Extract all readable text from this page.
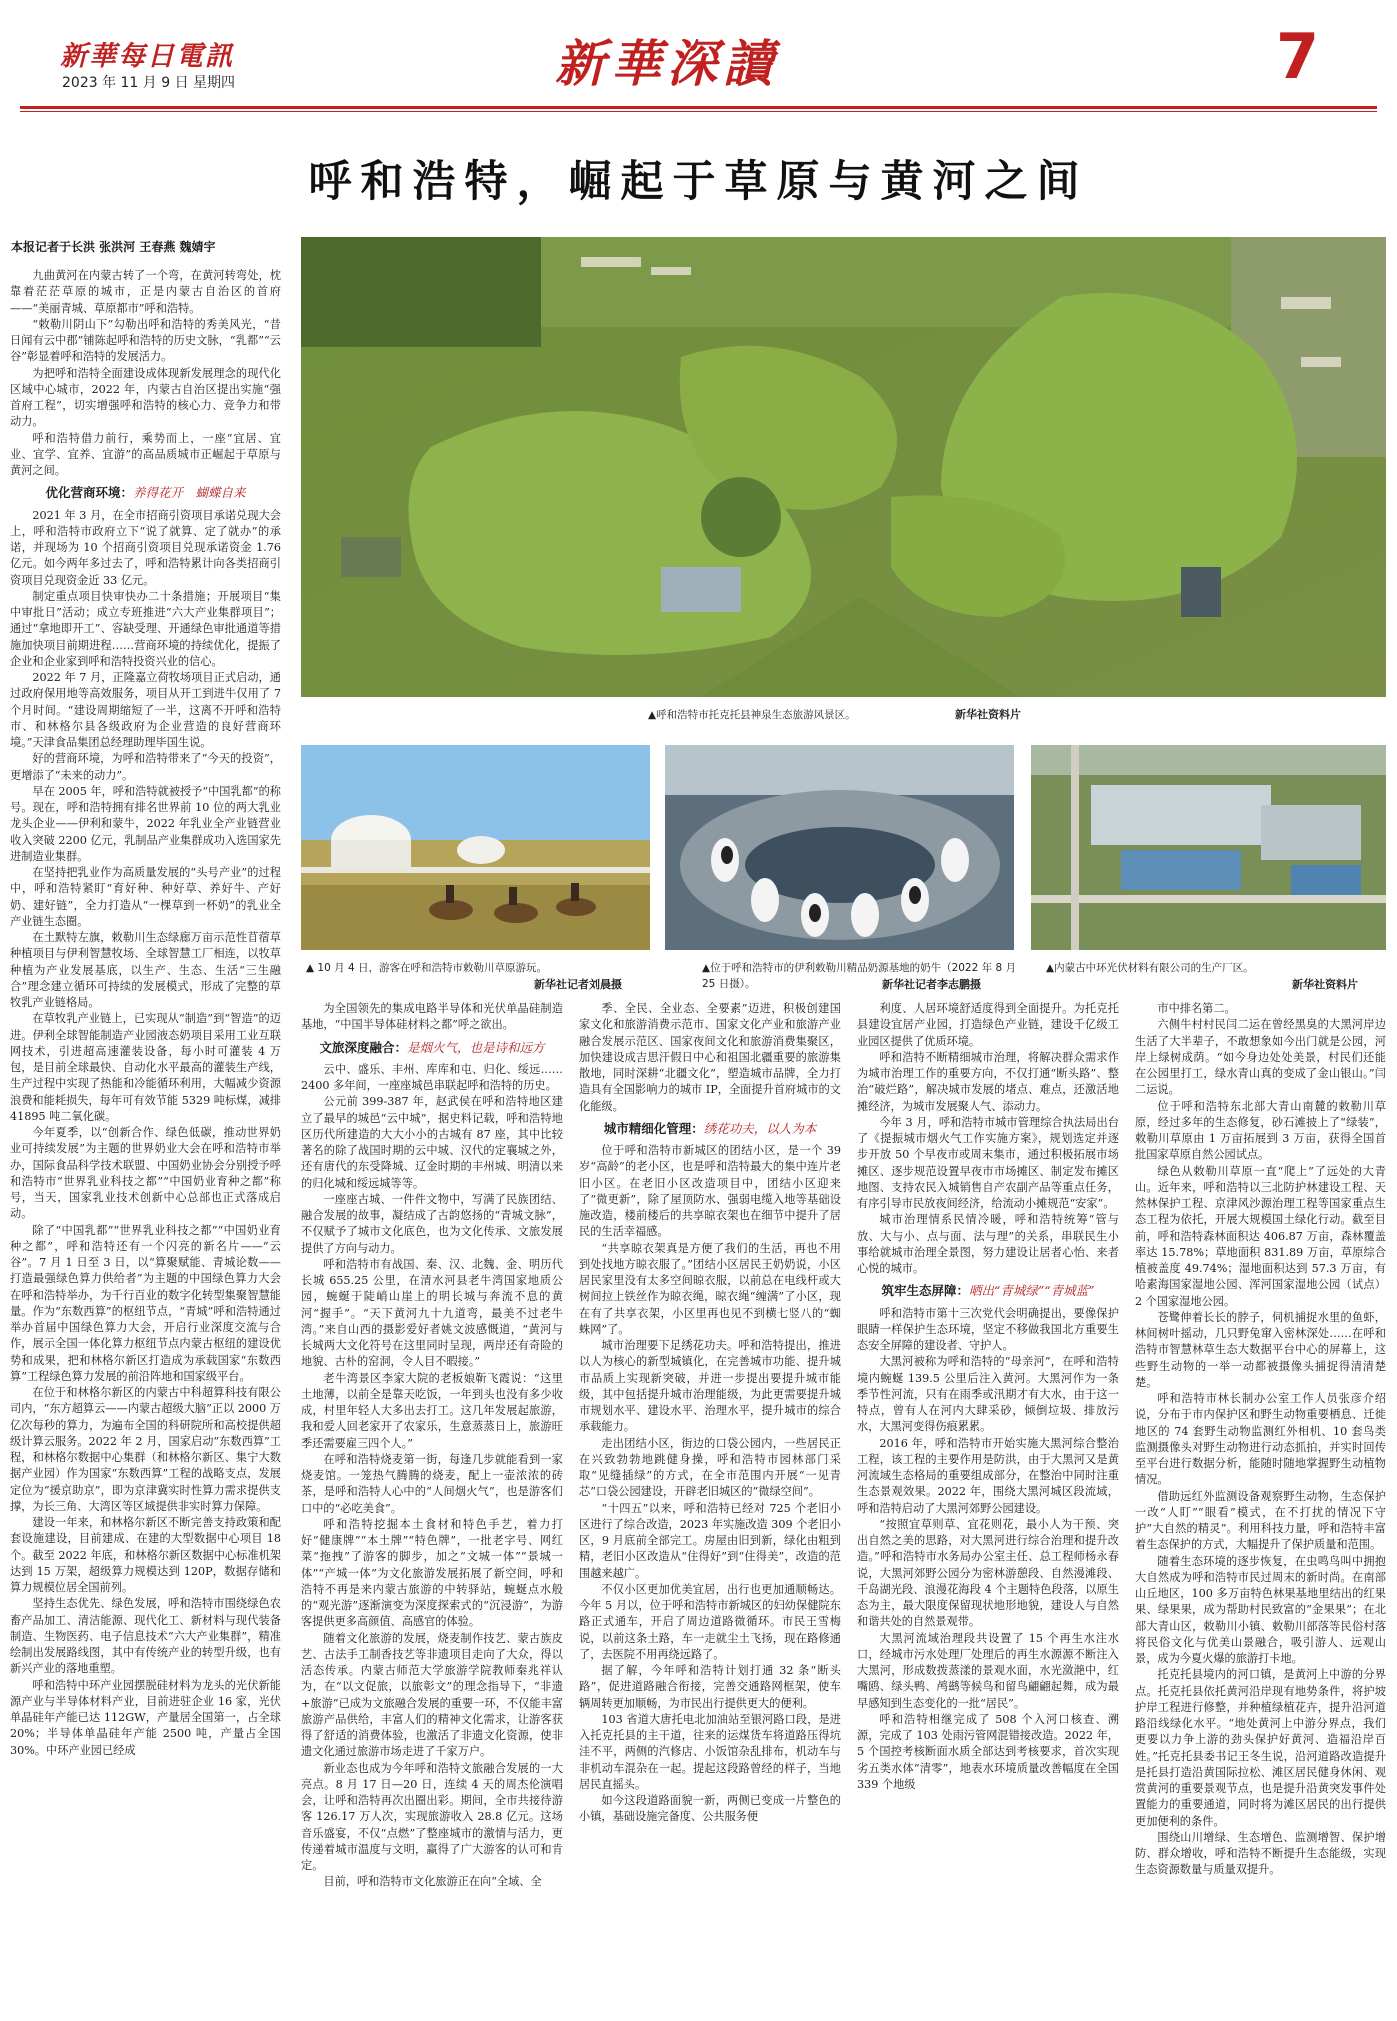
新華每日電訊
2023 年 11 月 9 日 星期四	新華深讀	7
呼和浩特，崛起于草原与黄河之间
本报记者于长洪 张洪河 王春燕 魏婧宇
▲呼和浩特市托克托县神泉生态旅游风景区。	新华社资料片
▲ 10 月 4 日，游客在呼和浩特市敕勒川草原游玩。
新华社记者刘晨摄
▲位于呼和浩特市的伊利敕勒川精品奶源基地的奶牛（2022 年 8 月 25 日摄）。	新华社记者李志鹏摄
▲内蒙古中环光伏材料有限公司的生产厂区。
新华社资料片

九曲黄河在内蒙古转了一个弯，在黄河转弯处，枕靠着茫茫草原的城市，正是内蒙古自治区的首府——“美丽青城、草原都市”呼和浩特。

“敕勒川阴山下”勾勒出呼和浩特的秀美风光，“昔日闻有云中郡”铺陈起呼和浩特的历史文脉，“乳都”“云谷”彰显着呼和浩特的发展活力。

为把呼和浩特全面建设成体现新发展理念的现代化区域中心城市，2022 年，内蒙古自治区提出实施“强首府工程”，切实增强呼和浩特的核心力、竞争力和带动力。

呼和浩特借力前行，乘势而上，一座“宜居、宜业、宜学、宜养、宜游”的高品质城市正崛起于草原与黄河之间。

优化营商环境：养得花开　蝴蝶自来

2021 年 3 月，在全市招商引资项目承诺兑现大会上，呼和浩特市政府立下“说了就算、定了就办”的承诺，并现场为 10 个招商引资项目兑现承诺资金 1.76 亿元。如今两年多过去了，呼和浩特累计向各类招商引资项目兑现资金近 33 亿元。

制定重点项目快审快办二十条措施；开展项目“集中审批日”活动；成立专班推进“六大产业集群项目”；通过“拿地即开工”、容缺受理、开通绿色审批通道等措施加快项目前期进程……营商环境的持续优化，提振了企业和企业家到呼和浩特投资兴业的信心。

2022 年 7 月，正隆嘉立荷牧场项目正式启动，通过政府保用地等高效服务，项目从开工到进牛仅用了 7 个月时间。“建设周期缩短了一半，这离不开呼和浩特市、和林格尔县各级政府为企业营造的良好营商环境。”天津食品集团总经理助理毕国生说。

好的营商环境，为呼和浩特带来了“今天的投资”，更增添了“未来的动力”。

早在 2005 年，呼和浩特就被授予“中国乳都”的称号。现在，呼和浩特拥有排名世界前 10 位的两大乳业龙头企业——伊利和蒙牛，2022 年乳业全产业链营业收入突破 2200 亿元，乳制品产业集群成功入选国家先进制造业集群。

在坚持把乳业作为高质量发展的“头号产业”的过程中，呼和浩特紧盯“育好种、种好草、养好牛、产好奶、建好链”，全力打造从“一棵草到一杯奶”的乳业全产业链生态圈。

在土默特左旗，敕勒川生态绿廊万亩示范性苜蓿草种植项目与伊利智慧牧场、全球智慧工厂相连，以牧草种植为产业发展基底，以生产、生态、生活“三生融合”理念建立循环可持续的发展模式，形成了完整的草牧乳产业链格局。

在草牧乳产业链上，已实现从“制造”到“智造”的迈进。伊利全球智能制造产业园液态奶项目采用工业互联网技术，引进超高速灌装设备，每小时可灌装 4 万包，是目前全球最快、自动化水平最高的灌装生产线，生产过程中实现了热能和冷能循环利用，大幅减少资源浪费和能耗损失，每年可有效节能 5329 吨标煤，减排 41895 吨二氧化碳。

今年夏季，以“创新合作、绿色低碳，推动世界奶业可持续发展”为主题的世界奶业大会在呼和浩特市举办，国际食品科学技术联盟、中国奶业协会分别授予呼和浩特市“世界乳业科技之都”“中国奶业育种之都”称号，当天，国家乳业技术创新中心总部也正式落成启动。

除了“中国乳都”“世界乳业科技之都”“中国奶业育种之都”，呼和浩特还有一个闪亮的新名片——“云谷”。7 月 1 日至 3 日，以“算聚赋能、青城论数——打造最强绿色算力供给者”为主题的中国绿色算力大会在呼和浩特举办，为千行百业的数字化转型集聚智慧能量。作为“东数西算”的枢纽节点，“青城”呼和浩特通过举办首届中国绿色算力大会，开启行业深度交流与合作，展示全国一体化算力枢纽节点内蒙古枢纽的建设优势和成果，把和林格尔新区打造成为承载国家“东数西算”工程绿色算力发展的前沿阵地和国家级平台。

在位于和林格尔新区的内蒙古中科超算科技有限公司内，“东方超算云——内蒙古超级大脑”正以 2000 万亿次每秒的算力，为遍布全国的科研院所和高校提供超级计算云服务。2022 年 2 月，国家启动“东数西算”工程，和林格尔数据中心集群（和林格尔新区、集宁大数据产业园）作为国家“东数西算”工程的战略支点，发展定位为“援京助京”，即为京津冀实时性算力需求提供支撑，为长三角、大湾区等区域提供非实时算力保障。

建设一年来，和林格尔新区不断完善支持政策和配套设施建设，目前建成、在建的大型数据中心项目 18 个。截至 2022 年底，和林格尔新区数据中心标准机架达到 15 万架，超级算力规模达到 120P，数据存储和算力规模位居全国前列。

坚持生态优先、绿色发展，呼和浩特市围绕绿色农畜产品加工、清洁能源、现代化工、新材料与现代装备制造、生物医药、电子信息技术“六大产业集群”，精准绘制出发展路线图，其中有传统产业的转型升级，也有新兴产业的落地重塑。

呼和浩特中环产业园摆脱硅材料为龙头的光伏新能源产业与半导体材料产业，目前进驻企业 16 家，光伏单晶硅年产能已达 112GW，产量居全国第一，占全球 20%；半导体单晶硅年产能 2500 吨，产量占全国 30%。中环产业园已经成

为全国领先的集成电路半导体和光伏单晶硅制造基地，“中国半导体硅材料之都”呼之欲出。

文旅深度融合：是烟火气，也是诗和远方

云中、盛乐、丰州、库库和屯、归化、绥远……2400 多年间，一座座城邑串联起呼和浩特的历史。

公元前 399-387 年，赵武侯在呼和浩特地区建立了最早的城邑“云中城”，据史料记载，呼和浩特地区历代所建造的大大小小的古城有 87 座，其中比较著名的除了战国时期的云中城、汉代的定襄城之外，还有唐代的东受降城、辽金时期的丰州城、明清以来的归化城和绥远城等等。

一座座古城、一件件文物中，写满了民族团结、融合发展的故事，凝结成了古韵悠扬的“青城文脉”，不仅赋予了城市文化底色，也为文化传承、文旅发展提供了方向与动力。

呼和浩特市有战国、秦、汉、北魏、金、明历代长城 655.25 公里，在清水河县老牛湾国家地质公园，蜿蜒于陡峭山崖上的明长城与奔流不息的黄河“握手”。“天下黄河九十九道弯，最美不过老牛湾。”来自山西的摄影爱好者姚文波感慨道，“黄河与长城两大文化符号在这里同时呈现，两岸还有奇险的地貌、古朴的窑洞，令人目不暇接。”

老牛湾景区李家大院的老板娘靳飞霞说：“这里土地薄，以前全是靠天吃饭，一年到头也没有多少收成，村里年轻人大多出去打工。这几年发展起旅游，我和爱人回老家开了农家乐，生意蒸蒸日上，旅游旺季还需要雇三四个人。”

在呼和浩特烧麦第一街，每逢几步就能看到一家烧麦馆。一笼热气腾腾的烧麦，配上一壶浓浓的砖茶，是呼和浩特人心中的“人间烟火气”，也是游客们口中的“必吃美食”。

呼和浩特挖掘本土食材和特色手艺，着力打好“健康牌”“本土牌”“特色牌”，一批老字号、网红菜“拖拽”了游客的脚步，加之“文城一体”“景城一体”“产城一体”为文化旅游发展拓展了新空间，呼和浩特不再是来内蒙古旅游的中转驿站，蜿蜒点水般的“观光游”逐渐演变为深度探索式的“沉浸游”，为游客提供更多高颜值、高感官的体验。

随着文化旅游的发展，烧麦制作技艺、蒙古族皮艺、古法手工制香技艺等非遗项目走向了大众，得以活态传承。内蒙古师范大学旅游学院教师秦兆祥认为，在“以文促旅，以旅彰文”的理念指导下，“非遗+旅游”已成为文旅融合发展的重要一环，不仅能丰富旅游产品供给，丰富人们的精神文化需求，让游客获得了舒适的消费体验，也激活了非遗文化资源，使非遗文化通过旅游市场走进了千家万户。

新业态也成为今年呼和浩特文旅融合发展的一大亮点。8 月 17 日—20 日，连续 4 天的周杰伦演唱会，让呼和浩特再次出圈出彩。期间，全市共接待游客 126.17 万人次，实现旅游收入 28.8 亿元。这场音乐盛宴，不仅“点燃”了整座城市的激情与活力，更传递着城市温度与文明，赢得了广大游客的认可和肯定。

目前，呼和浩特市文化旅游正在向“全域、全

季、全民、全业态、全要素”迈进，积极创建国家文化和旅游消费示范市、国家文化产业和旅游产业融合发展示范区、国家夜间文化和旅游消费集聚区，加快建设成吉思汗假日中心和祖国北疆重要的旅游集散地，同时深耕“北疆文化”，塑造城市品牌，全力打造具有全国影响力的城市 IP，全面提升首府城市的文化能级。

城市精细化管理：绣花功夫，以人为本

位于呼和浩特市新城区的团结小区，是一个 39 岁“高龄”的老小区，也是呼和浩特最大的集中连片老旧小区。在老旧小区改造项目中，团结小区迎来了“微更新”，除了屋顶防水、强弱电缆入地等基础设施改造，楼前楼后的共享晾衣架也在细节中提升了居民的生活幸福感。

“共享晾衣架真是方便了我们的生活，再也不用到处找地方晾衣服了。”团结小区居民王奶奶说，小区居民家里没有太多空间晾衣服，以前总在电线杆或大树间拉上铁丝作为晾衣绳，晾衣绳“缠满”了小区，现在有了共享衣架，小区里再也见不到横七竖八的“蜘蛛网”了。

城市治理要下足绣花功夫。呼和浩特提出，推进以人为核心的新型城镇化，在完善城市功能、提升城市品质上实现新突破，并进一步提出要提升城市能级，其中包括提升城市治理能级，为此更需要提升城市规划水平、建设水平、治理水平，提升城市的综合承载能力。

走出团结小区，街边的口袋公园内，一些居民正在兴致勃勃地跳健身操，呼和浩特市园林部门采取“见缝插绿”的方式，在全市范围内开展“一见青芯”口袋公园建设，开辟老旧城区的“微绿空间”。

“十四五”以来，呼和浩特已经对 725 个老旧小区进行了综合改造，2023 年实施改造 309 个老旧小区，9 月底前全部完工。房屋由旧到新，绿化由粗到精，老旧小区改造从“住得好”到“住得美”，改造的范围越来越广。

不仅小区更加优美宜居，出行也更加通顺畅达。今年 5 月以，位于呼和浩特市新城区的妇幼保健院东路正式通车，开启了周边道路微循环。市民王雪梅说，以前这条土路，车一走就尘土飞扬，现在路修通了，去医院不用再绕远路了。

据了解，今年呼和浩特计划打通 32 条“断头路”，促进道路融合衔接，完善交通路网框架，使车辆周转更加顺畅，为市民出行提供更大的便利。

103 省道大唐托电北加油站至银河路口段，是进入托克托县的主干道，往来的运煤货车将道路压得坑洼不平，两侧的汽修店、小饭馆杂乱排布，机动车与非机动车混杂在一起。提起这段路曾经的样子，当地居民直摇头。

如今这段道路面貌一新，两侧已变成一片整色的小镇，基础设施完备度、公共服务便

利度、人居环境舒适度得到全面提升。为托克托县建设宜居产业园，打造绿色产业链，建设千亿级工业园区提供了优质环境。

呼和浩特不断精细城市治理，将解决群众需求作为城市治理工作的重要方向，不仅打通“断头路”、整治“破烂路”，解决城市发展的堵点、难点，还激活地摊经济，为城市发展聚人气、添动力。

今年 3 月，呼和浩特市城市管理综合执法局出台了《提振城市烟火气工作实施方案》，规划选定并逐步开放 50 个早夜市或周末集市，通过积极拓展市场摊区、逐步规范设置早夜市市场摊区、制定发布摊区地图、支持农民入城销售自产农副产品等重点任务，有序引导市民放夜间经济，给流动小摊规范“安家”。

城市治理情系民情冷暖，呼和浩特统筹“管与放、大与小、点与面、法与理”的关系，串联民生小事给就城市治理全景图，努力建设让居者心怡、来者心悦的城市。

筑牢生态屏障：晒出“青城绿”“青城蓝”

呼和浩特市第十三次党代会明确提出，要像保护眼睛一样保护生态环境，坚定不移做我国北方重要生态安全屏障的建设者、守护人。

大黑河被称为呼和浩特的“母亲河”，在呼和浩特境内蜿蜒 139.5 公里后注入黄河。大黑河作为一条季节性河流，只有在雨季或汛期才有大水，由于这一特点，曾有人在河内大肆采砂，倾倒垃圾、排放污水，大黑河变得伤痕累累。

2016 年，呼和浩特市开始实施大黑河综合整治工程，该工程的主要作用是防洪，由于大黑河又是黄河流域生态格局的重要组成部分，在整治中同时注重生态景观效果。2022 年，围绕大黑河城区段流域，呼和浩特启动了大黑河郊野公园建设。

“按照宜草则草、宜花则花，最小人为干预、突出自然之美的思路，对大黑河进行综合治理和提升改造。”呼和浩特市水务局办公室主任、总工程师杨永春说，大黑河郊野公园分为密林游憩段、自然漫滩段、千岛湖光段、浪漫花海段 4 个主题特色段落，以原生态为主，最大限度保留现状地形地貌，建设人与自然和谐共处的自然景观带。

大黑河流域治理段共设置了 15 个再生水注水口，经城市污水处理厂处理后的再生水源源不断注入大黑河，形成数拨蒸漾的景观水面，水光潋滟中，红嘴鸥、绿头鸭、鸬鹚等候鸟和留鸟翩翩起舞，成为最早感知到生态变化的一批“居民”。

呼和浩特相继完成了 508 个入河口核查、溯源，完成了 103 处雨污管网混错接改造。2022 年，5 个国控考核断面水质全部达到考核要求，首次实现劣五类水体“清零”，地表水环境质量改善幅度在全国 339 个地级

市中排名第二。

六侧牛村村民闫二运在曾经黑臭的大黑河岸边生活了大半辈子，不敢想象如今出门就是公园，河岸上绿树成荫。“如今身边处处美景，村民们还能在公园里打工，绿水青山真的变成了金山银山。”闫二运说。

位于呼和浩特东北部大青山南麓的敕勒川草原，经过多年的生态修复，砂石滩披上了“绿装”，敕勒川草原由 1 万亩拓展到 3 万亩，获得全国首批国家草原自然公园试点。

绿色从敕勒川草原一直“爬上”了远处的大青山。近年来，呼和浩特以三北防护林建设工程、天然林保护工程、京津风沙源治理工程等国家重点生态工程为依托，开展大规模国土绿化行动。截至目前，呼和浩特森林面积达 406.87 万亩，森林覆盖率达 15.78%；草地面积 831.89 万亩，草原综合植被盖度 49.74%；湿地面积达到 57.3 万亩，有哈素海国家湿地公园、浑河国家湿地公园（试点）2 个国家湿地公园。

苍鹭伸着长长的脖子，伺机捕捉水里的鱼虾，林间树叶摇动，几只野兔窜入密林深处……在呼和浩特市智慧林草生态大数据平台中心的屏幕上，这些野生动物的一举一动都被摄像头捕捉得清清楚楚。

呼和浩特市林长制办公室工作人员张彦介绍说，分布于市内保护区和野生动物重要栖息、迁徙地区的 74 套野生动物监测红外相机、10 套鸟类监测摄像头对野生动物进行动态抓拍，并实时回传至平台进行数据分析，能随时随地掌握野生动植物情况。

借助远红外监测设备观察野生动物，生态保护一改“人盯”“眼看”模式，在不打扰的情况下守护“大自然的精灵”。利用科技力量，呼和浩特丰富着生态保护的方式，大幅提升了保护质量和范围。

随着生态环境的逐步恢复，在虫鸣鸟叫中拥抱大自然成为呼和浩特市民过周末的新时尚。在南部山丘地区，100 多万亩特色林果基地里结出的红果果、绿果果，成为帮助村民致富的“金果果”；在北部大青山区，敕勒川小镇、敕勒川部落等民俗村落将民俗文化与优美山景融合，吸引游人、远观山景，成为今夏火爆的旅游打卡地。

托克托县境内的河口镇，是黄河上中游的分界点。托克托县依托黄河沿岸现有地势条件，将护坡护岸工程进行修整，并种植绿植花卉，提升沿河道路沿线绿化水平。“地处黄河上中游分界点，我们更要以力争上游的劲头保护好黄河、造福沿岸百姓。”托克托县委书记王冬生说，沿河道路改造提升是托县打造沿黄国际拉松、滩区居民健身休闲、观赏黄河的重要景观节点，也是提升沿黄突发事件处置能力的重要通道，同时将为滩区居民的出行提供更加便利的条件。

围绕山川增绿、生态增色、监测增智、保护增防、群众增收，呼和浩特不断提升生态能级，实现生态资源数量与质量双提升。
